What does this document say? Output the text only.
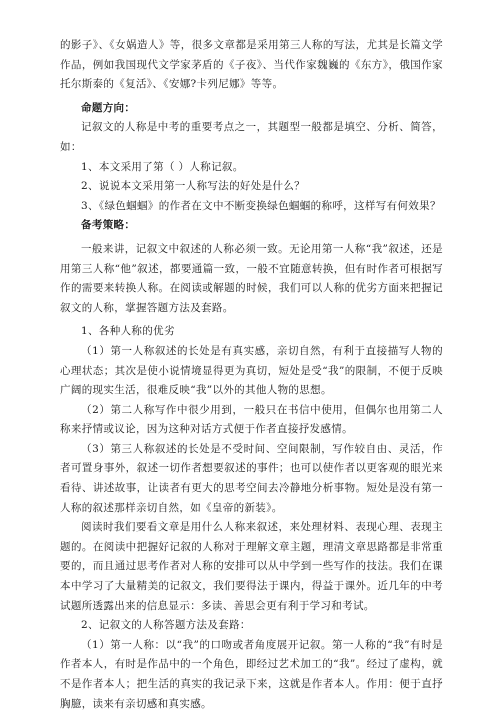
的影子》、《女娲造人》等，很多文章都是采用第三人称的写法，尤其是长篇文学作品，例如我国现代文学家茅盾的《子夜》、当代作家魏巍的《东方》，俄国作家托尔斯泰的《复活》、《安娜?卡列尼娜》等等。

命题方向：

记叙文的人称是中考的重要考点之一，其题型一般都是填空、分析、简答，如：

1、本文采用了第（ ）人称记叙。

2、说说本文采用第一人称写法的好处是什么？

3、《绿色蝈蝈》的作者在文中不断变换绿色蝈蝈的称呼，这样写有何效果？

备考策略：

一般来讲，记叙文中叙述的人称必须一致。无论用第一人称“我”叙述，还是用第三人称“他”叙述，都要通篇一致，一般不宜随意转换，但有时作者可根据写作的需要来转换人称。在阅读或解题的时候，我们可以人称的优劣方面来把握记叙文的人称，掌握答题方法及套路。

1、各种人称的优劣

（1）第一人称叙述的长处是有真实感，亲切自然，有利于直接描写人物的心理状态；其次是使小说情境显得更为真切，短处是受“我”的限制，不便于反映广阔的现实生活，很难反映“我”以外的其他人物的思想。

（2）第二人称写作中很少用到，一般只在书信中使用，但偶尔也用第二人称来抒情或议论，因为这种对话方式便于作者直接抒发感情。

（3）第三人称叙述的长处是不受时间、空间限制，写作较自由、灵活，作者可置身事外，叙述一切作者想要叙述的事件；也可以使作者以更客观的眼光来看待、讲述故事，让读者有更大的思考空间去冷静地分析事物。短处是没有第一人称的叙述那样亲切自然，如《皇帝的新装》。

阅读时我们要看文章是用什么人称来叙述，来处理材料、表现心理、表现主题的。在阅读中把握好记叙的人称对于理解文章主题，理清文章思路都是非常重要的，而且通过思考作者对人称的安排可以从中学到一些写作的技法。我们在课本中学习了大量精美的记叙文，我们要得法于课内，得益于课外。近几年的中考试题所透露出来的信息显示：多读、善思会更有利于学习和考试。

2、记叙文的人称答题方法及套路：

（1）第一人称：以“我”的口吻或者角度展开记叙。第一人称的“我”有时是作者本人，有时是作品中的一个角色，即经过艺术加工的“我”。经过了虚构，就不是作者本人；把生活的真实的我记录下来，这就是作者本人。作用：便于直抒胸臆，读来有亲切感和真实感。
